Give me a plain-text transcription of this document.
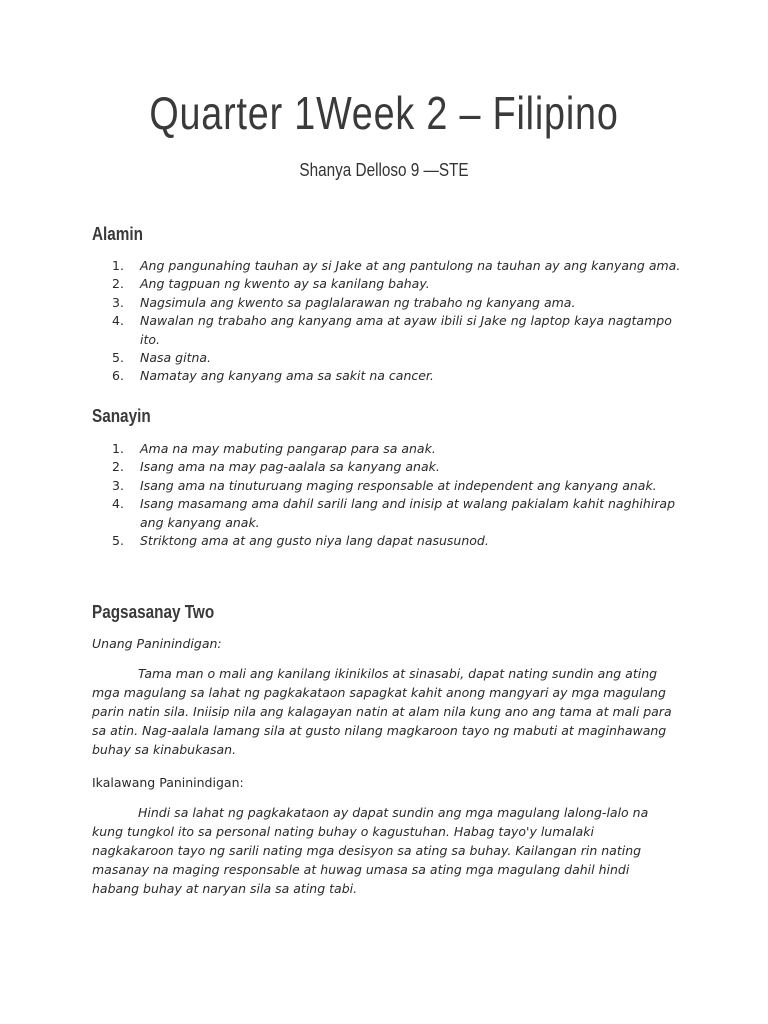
Quarter 1Week 2 – Filipino
Shanya Delloso 9 —STE
Alamin
1.	Ang pangunahing tauhan ay si Jake at ang pantulong na tauhan ay ang kanyang ama.
2.	Ang tagpuan ng kwento ay sa kanilang bahay.
3.	Nagsimula ang kwento sa paglalarawan ng trabaho ng kanyang ama.
4.	Nawalan ng trabaho ang kanyang ama at ayaw ibili si Jake ng laptop kaya nagtampo ito.
5.	Nasa gitna.
6.	Namatay ang kanyang ama sa sakit na cancer.
Sanayin
1.	Ama na may mabuting pangarap para sa anak.
2.	Isang ama na may pag-aalala sa kanyang anak.
3.	Isang ama na tinuturuang maging responsable at independent ang kanyang anak.
4.	Isang masamang ama dahil sarili lang and inisip at walang pakialam kahit naghihirap ang kanyang anak.
5.	Striktong ama at ang gusto niya lang dapat nasusunod.
Pagsasanay Two
Unang Paninindigan:

Tama man o mali ang kanilang ikinikilos at sinasabi, dapat nating sundin ang ating mga magulang sa lahat ng pagkakataon sapagkat kahit anong mangyari ay mga magulang parin natin sila. Iniisip nila ang kalagayan natin at alam nila kung ano ang tama at mali para sa atin. Nag-aalala lamang sila at gusto nilang magkaroon tayo ng mabuti at maginhawang buhay sa kinabukasan.

Ikalawang Paninindigan:

Hindi sa lahat ng pagkakataon ay dapat sundin ang mga magulang lalong-lalo na kung tungkol ito sa personal nating buhay o kagustuhan. Habag tayo'y lumalaki nagkakaroon tayo ng sarili nating mga desisyon sa ating sa buhay. Kailangan rin nating masanay na maging responsable at huwag umasa sa ating mga magulang dahil hindi habang buhay at naryan sila sa ating tabi.
